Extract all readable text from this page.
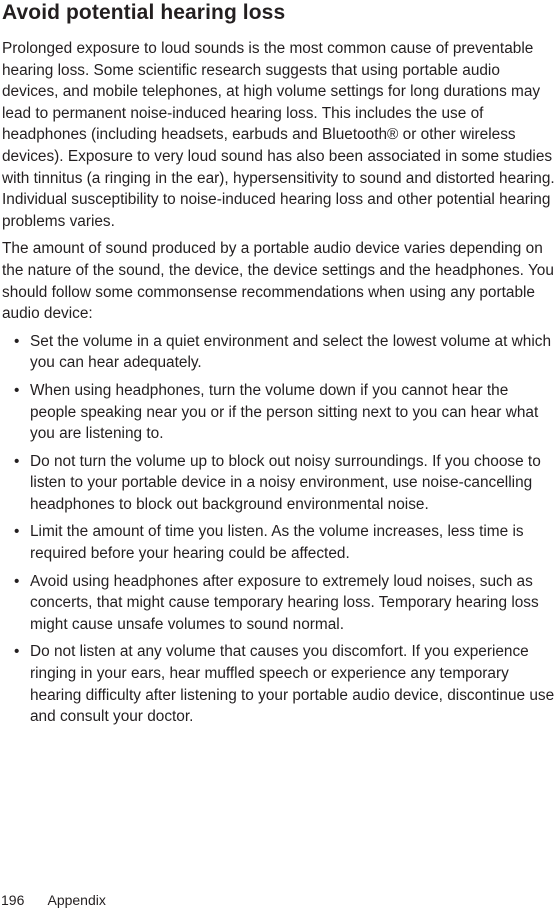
Avoid potential hearing loss

Prolonged exposure to loud sounds is the most common cause of preventable hearing loss. Some scientific research suggests that using portable audio devices, and mobile telephones, at high volume settings for long durations may lead to permanent noise-induced hearing loss. This includes the use of headphones (including headsets, earbuds and Bluetooth® or other wireless devices). Exposure to very loud sound has also been associated in some studies with tinnitus (a ringing in the ear), hypersensitivity to sound and distorted hearing. Individual susceptibility to noise-induced hearing loss and other potential hearing problems varies.

The amount of sound produced by a portable audio device varies depending on the nature of the sound, the device, the device settings and the headphones. You should follow some commonsense recommendations when using any portable audio device:

• Set the volume in a quiet environment and select the lowest volume at which you can hear adequately.
• When using headphones, turn the volume down if you cannot hear the people speaking near you or if the person sitting next to you can hear what you are listening to.
• Do not turn the volume up to block out noisy surroundings. If you choose to listen to your portable device in a noisy environment, use noise-cancelling headphones to block out background environmental noise.
• Limit the amount of time you listen. As the volume increases, less time is required before your hearing could be affected.
• Avoid using headphones after exposure to extremely loud noises, such as concerts, that might cause temporary hearing loss. Temporary hearing loss might cause unsafe volumes to sound normal.
• Do not listen at any volume that causes you discomfort. If you experience ringing in your ears, hear muffled speech or experience any temporary hearing difficulty after listening to your portable audio device, discontinue use and consult your doctor.
196 Appendix
